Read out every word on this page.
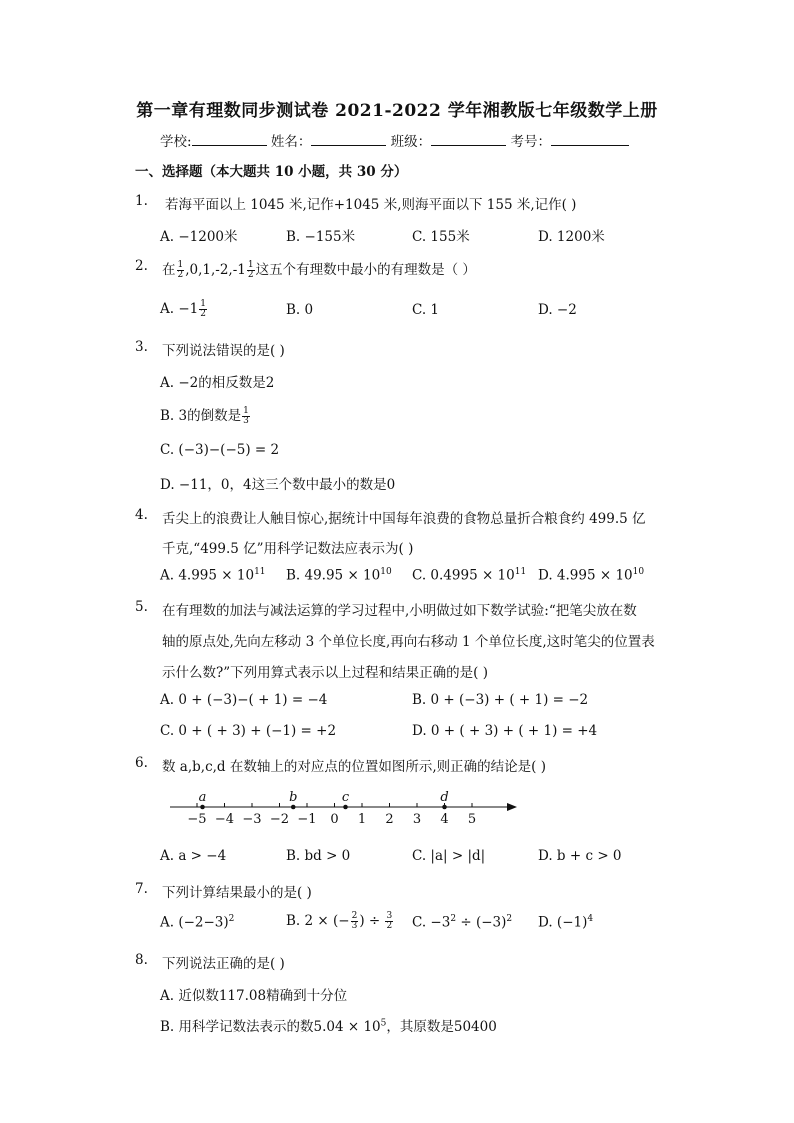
第一章有理数同步测试卷 2021-2022 学年湘教版七年级数学上册
学校:	姓名：	班级：	考号：
一、选择题（本大题共 10 小题，共 30 分）
1. 若海平面以上 1045 米,记作+1045 米,则海平面以下 155 米,记作( )
A. −1200米	B. −155米	C. 155米	D. 1200米
2. 在 $\frac{1}{2} ,0,1,-2,-1 \frac{1}{2}$ 这五个有理数中最小的有理数是（ ）
A. $-1 \frac{1}{2}$	B. 0	C. 1	D. −2
3. 下列说法错误的是( )
A. −2的相反数是2
B. 3的倒数是 $\frac{1}{3}$
C. (−3)−(−5) = 2
D. −11，0，4这三个数中最小的数是0
4. 舌尖上的浪费让人触目惊心,据统计中国每年浪费的食物总量折合粮食约 499.5 亿
千克,“499.5 亿”用科学记数法应表示为( )
A. $4.995 \times 10^{11}$ B. $49.95 \times 10^{10}$ C. $0.4995 \times 10^{11}$ D. $4.995 \times 10^{10}$
5. 在有理数的加法与减法运算的学习过程中,小明做过如下数学试验:“把笔尖放在数
轴的原点处,先向左移动 3 个单位长度,再向右移动 1 个单位长度,这时笔尖的位置表
示什么数?”下列用算式表示以上过程和结果正确的是( )
A. 0 + (−3)−( + 1) = −4	B. 0 + (−3) + ( + 1) = −2
C. 0 + ( + 3) + (−1) = +2	D. 0 + ( + 3) + ( + 1) = +4
6. 数 a,b,c,d 在数轴上的对应点的位置如图所示,则正确的结论是( )
−5 −4 −3 −2 −1 0 1 2 3 4 5
a	b	c	d
A. a > −4	B. bd > 0	C. |a| > |d|	D. b + c > 0
7. 下列计算结果最小的是( )
A. $(-2-3)^2$	B. 2 × (− $\frac{2}{3}$ ) ÷ $\frac{3}{2} C$. $-3^2 \div (-3)^2$ D. $(-1)^4$
8. 下列说法正确的是( )
A. 近似数117.08精确到十分位
B. 用科学记数法表示的数$5.04 \times 10^5$，其原数是50400
